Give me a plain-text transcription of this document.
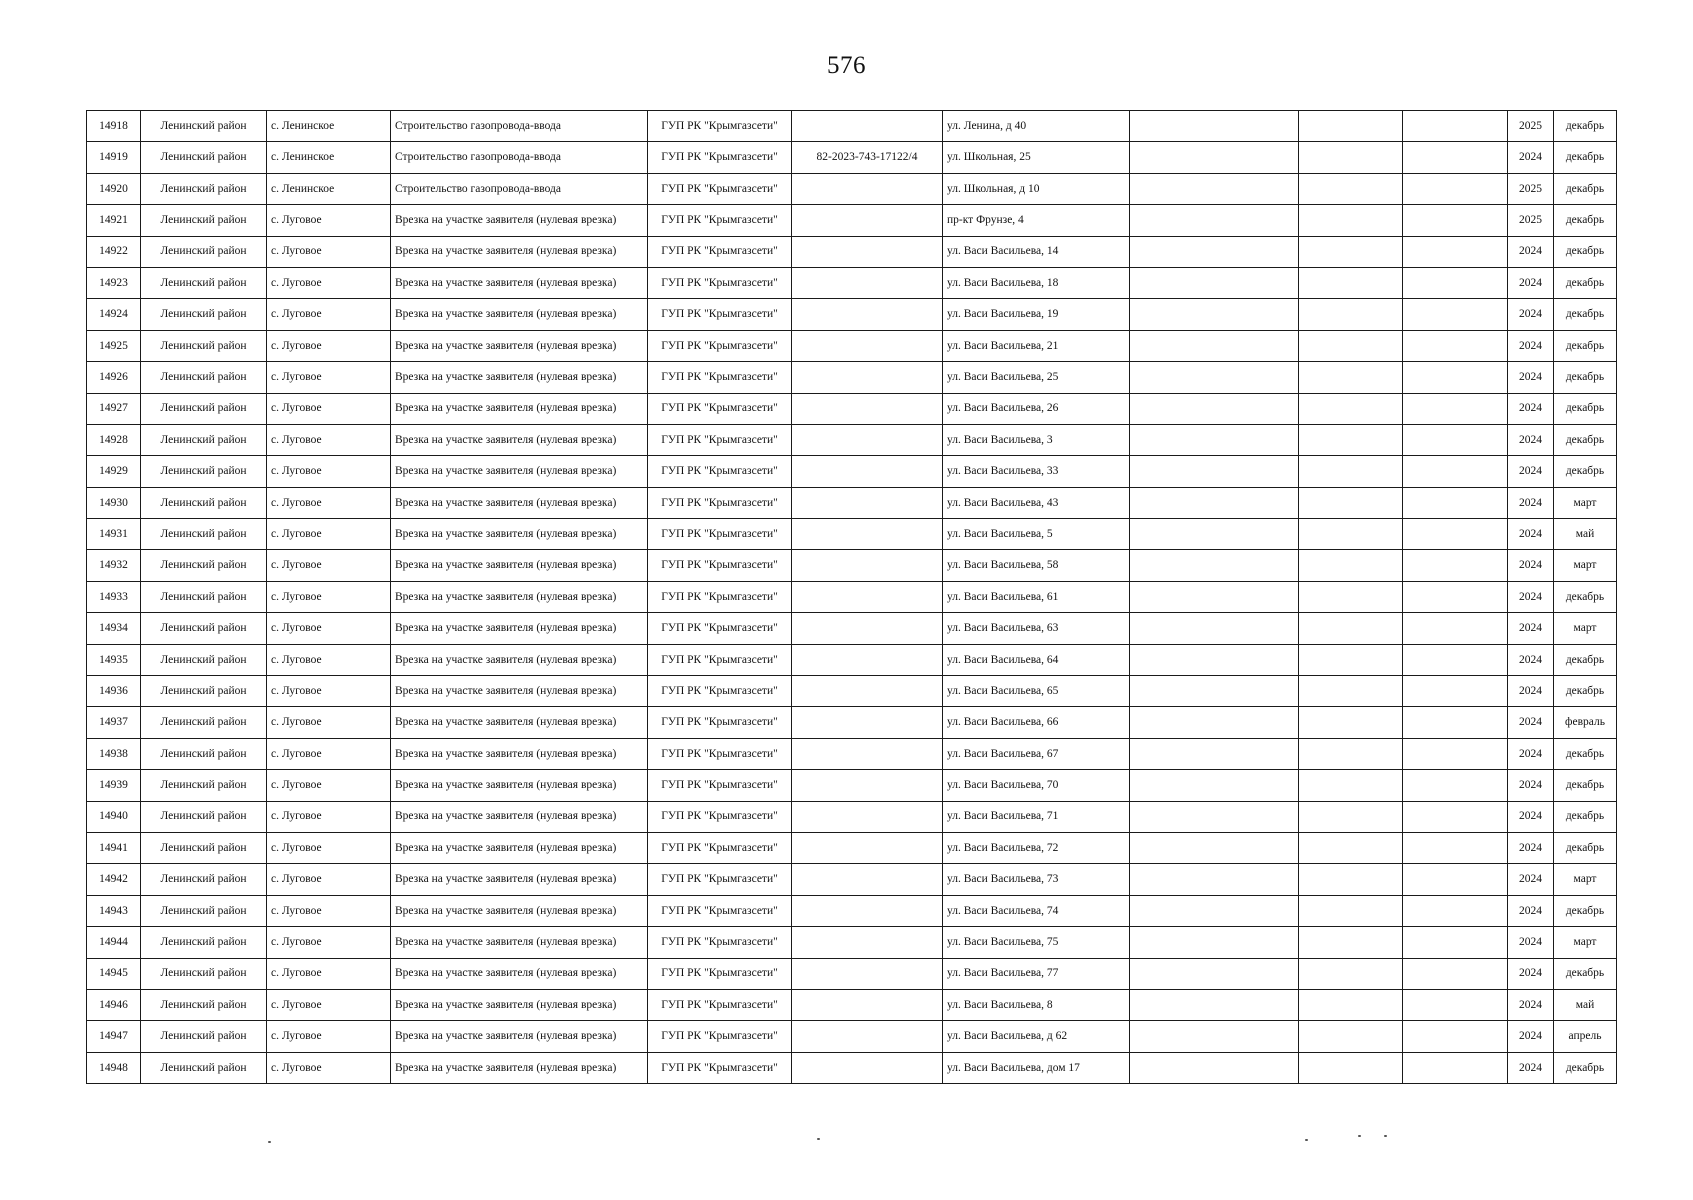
576
14918	Ленинский район	с. Ленинское	Строительство газопровода-ввода	ГУП РК "Крымгазсети"		ул. Ленина, д 40				2025	декабрь
14919	Ленинский район	с. Ленинское	Строительство газопровода-ввода	ГУП РК "Крымгазсети"	82-2023-743-17122/4	ул. Школьная, 25				2024	декабрь
14920	Ленинский район	с. Ленинское	Строительство газопровода-ввода	ГУП РК "Крымгазсети"		ул. Школьная, д 10				2025	декабрь
14921	Ленинский район	с. Луговое	Врезка на участке заявителя (нулевая врезка)	ГУП РК "Крымгазсети"		пр-кт Фрунзе, 4				2025	декабрь
14922	Ленинский район	с. Луговое	Врезка на участке заявителя (нулевая врезка)	ГУП РК "Крымгазсети"		ул. Васи Васильева, 14				2024	декабрь
14923	Ленинский район	с. Луговое	Врезка на участке заявителя (нулевая врезка)	ГУП РК "Крымгазсети"		ул. Васи Васильева, 18				2024	декабрь
14924	Ленинский район	с. Луговое	Врезка на участке заявителя (нулевая врезка)	ГУП РК "Крымгазсети"		ул. Васи Васильева, 19				2024	декабрь
14925	Ленинский район	с. Луговое	Врезка на участке заявителя (нулевая врезка)	ГУП РК "Крымгазсети"		ул. Васи Васильева, 21				2024	декабрь
14926	Ленинский район	с. Луговое	Врезка на участке заявителя (нулевая врезка)	ГУП РК "Крымгазсети"		ул. Васи Васильева, 25				2024	декабрь
14927	Ленинский район	с. Луговое	Врезка на участке заявителя (нулевая врезка)	ГУП РК "Крымгазсети"		ул. Васи Васильева, 26				2024	декабрь
14928	Ленинский район	с. Луговое	Врезка на участке заявителя (нулевая врезка)	ГУП РК "Крымгазсети"		ул. Васи Васильева, 3				2024	декабрь
14929	Ленинский район	с. Луговое	Врезка на участке заявителя (нулевая врезка)	ГУП РК "Крымгазсети"		ул. Васи Васильева, 33				2024	декабрь
14930	Ленинский район	с. Луговое	Врезка на участке заявителя (нулевая врезка)	ГУП РК "Крымгазсети"		ул. Васи Васильева, 43				2024	март
14931	Ленинский район	с. Луговое	Врезка на участке заявителя (нулевая врезка)	ГУП РК "Крымгазсети"		ул. Васи Васильева, 5				2024	май
14932	Ленинский район	с. Луговое	Врезка на участке заявителя (нулевая врезка)	ГУП РК "Крымгазсети"		ул. Васи Васильева, 58				2024	март
14933	Ленинский район	с. Луговое	Врезка на участке заявителя (нулевая врезка)	ГУП РК "Крымгазсети"		ул. Васи Васильева, 61				2024	декабрь
14934	Ленинский район	с. Луговое	Врезка на участке заявителя (нулевая врезка)	ГУП РК "Крымгазсети"		ул. Васи Васильева, 63				2024	март
14935	Ленинский район	с. Луговое	Врезка на участке заявителя (нулевая врезка)	ГУП РК "Крымгазсети"		ул. Васи Васильева, 64				2024	декабрь
14936	Ленинский район	с. Луговое	Врезка на участке заявителя (нулевая врезка)	ГУП РК "Крымгазсети"		ул. Васи Васильева, 65				2024	декабрь
14937	Ленинский район	с. Луговое	Врезка на участке заявителя (нулевая врезка)	ГУП РК "Крымгазсети"		ул. Васи Васильева, 66				2024	февраль
14938	Ленинский район	с. Луговое	Врезка на участке заявителя (нулевая врезка)	ГУП РК "Крымгазсети"		ул. Васи Васильева, 67				2024	декабрь
14939	Ленинский район	с. Луговое	Врезка на участке заявителя (нулевая врезка)	ГУП РК "Крымгазсети"		ул. Васи Васильева, 70				2024	декабрь
14940	Ленинский район	с. Луговое	Врезка на участке заявителя (нулевая врезка)	ГУП РК "Крымгазсети"		ул. Васи Васильева, 71				2024	декабрь
14941	Ленинский район	с. Луговое	Врезка на участке заявителя (нулевая врезка)	ГУП РК "Крымгазсети"		ул. Васи Васильева, 72				2024	декабрь
14942	Ленинский район	с. Луговое	Врезка на участке заявителя (нулевая врезка)	ГУП РК "Крымгазсети"		ул. Васи Васильева, 73				2024	март
14943	Ленинский район	с. Луговое	Врезка на участке заявителя (нулевая врезка)	ГУП РК "Крымгазсети"		ул. Васи Васильева, 74				2024	декабрь
14944	Ленинский район	с. Луговое	Врезка на участке заявителя (нулевая врезка)	ГУП РК "Крымгазсети"		ул. Васи Васильева, 75				2024	март
14945	Ленинский район	с. Луговое	Врезка на участке заявителя (нулевая врезка)	ГУП РК "Крымгазсети"		ул. Васи Васильева, 77				2024	декабрь
14946	Ленинский район	с. Луговое	Врезка на участке заявителя (нулевая врезка)	ГУП РК "Крымгазсети"		ул. Васи Васильева, 8				2024	май
14947	Ленинский район	с. Луговое	Врезка на участке заявителя (нулевая врезка)	ГУП РК "Крымгазсети"		ул. Васи Васильева, д 62				2024	апрель
14948	Ленинский район	с. Луговое	Врезка на участке заявителя (нулевая врезка)	ГУП РК "Крымгазсети"		ул. Васи Васильева, дом 17				2024	декабрь
